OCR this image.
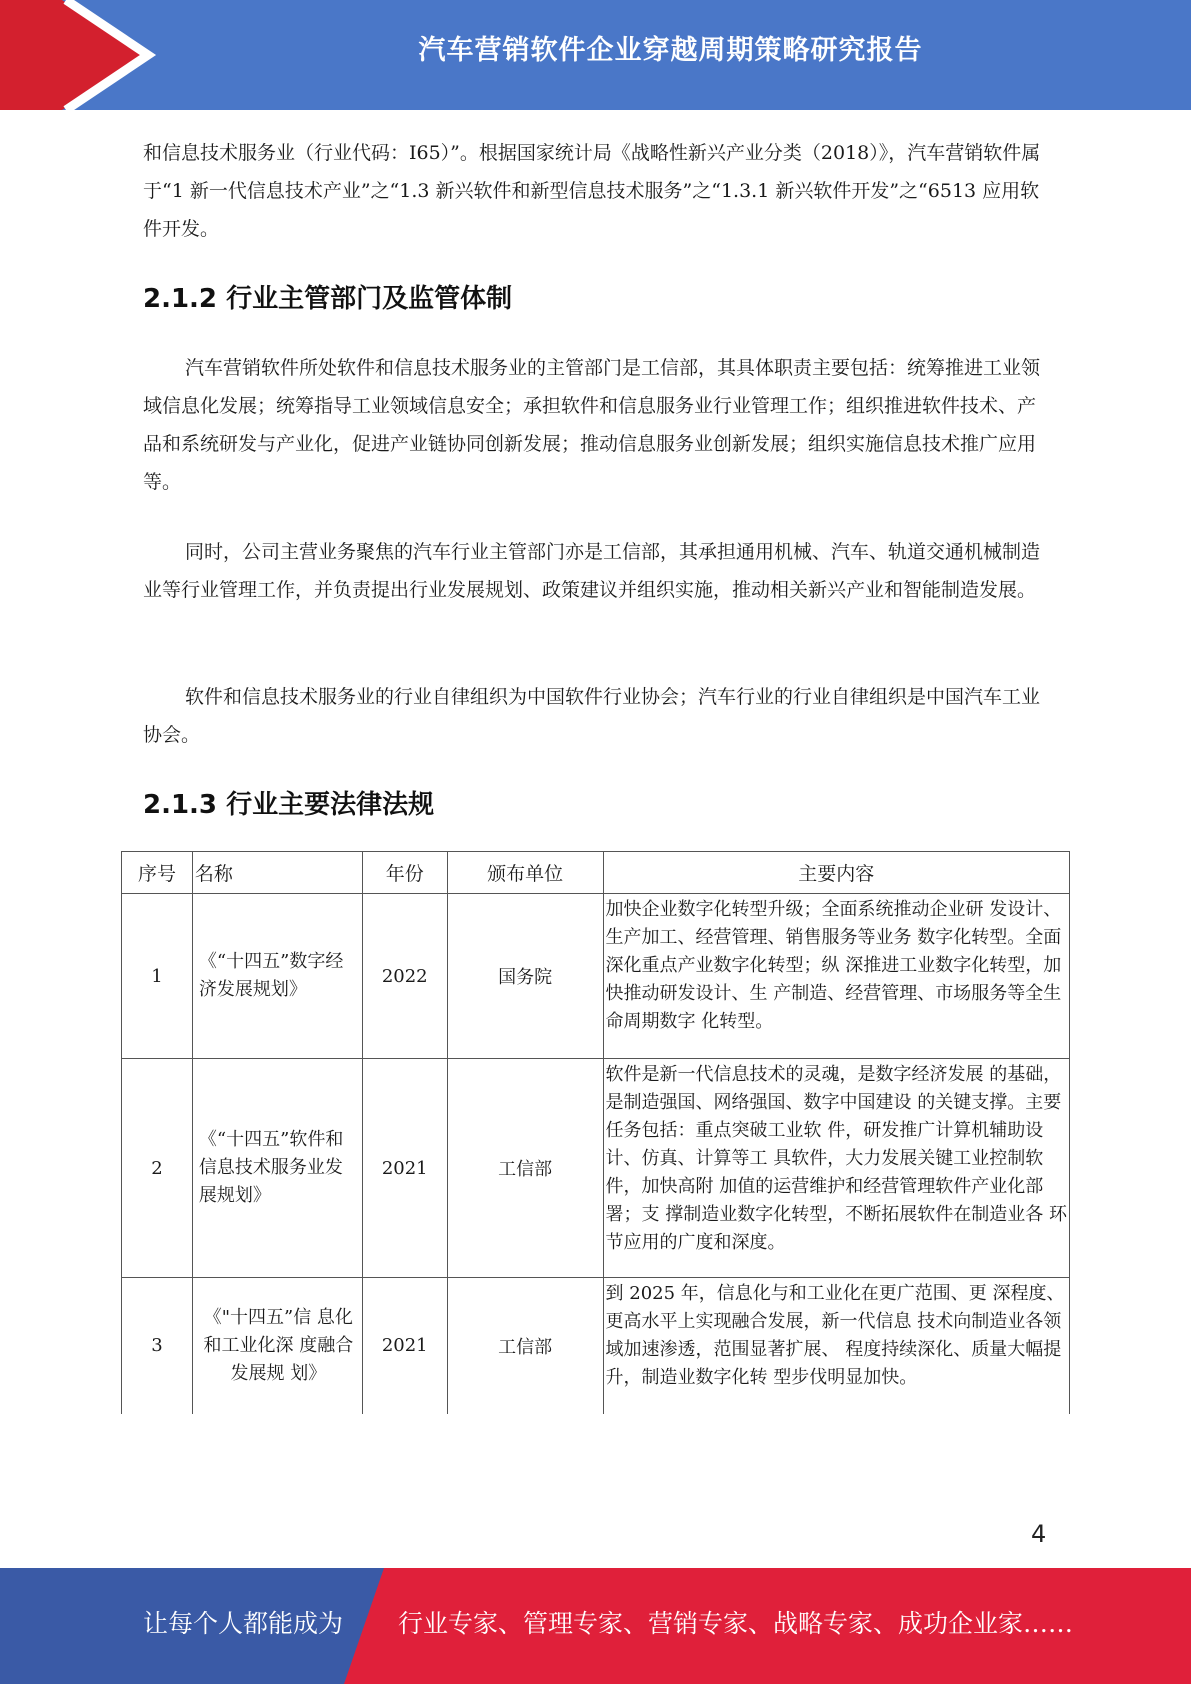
汽车营销软件企业穿越周期策略研究报告

和信息技术服务业（行业代码：I65）”。根据国家统计局《战略性新兴产业分类（2018）》，汽车营销软件属于“1 新一代信息技术产业”之“1.3 新兴软件和新型信息技术服务”之“1.3.1 新兴软件开发”之“6513 应用软件开发。

2.1.2 行业主管部门及监管体制

汽车营销软件所处软件和信息技术服务业的主管部门是工信部，其具体职责主要包括：统筹推进工业领域信息化发展；统筹指导工业领域信息安全；承担软件和信息服务业行业管理工作；组织推进软件技术、产品和系统研发与产业化，促进产业链协同创新发展；推动信息服务业创新发展；组织实施信息技术推广应用等。

同时，公司主营业务聚焦的汽车行业主管部门亦是工信部，其承担通用机械、汽车、轨道交通机械制造业等行业管理工作，并负责提出行业发展规划、政策建议并组织实施，推动相关新兴产业和智能制造发展。

软件和信息技术服务业的行业自律组织为中国软件行业协会；汽车行业的行业自律组织是中国汽车工业协会。

2.1.3 行业主要法律法规
序号	名称	年份	颁布单位	主要内容
1	《“十四五”数字经济发展规划》	2022	国务院	加快企业数字化转型升级；全面系统推动企业研 发设计、生产加工、经营管理、销售服务等业务 数字化转型。全面深化重点产业数字化转型；纵 深推进工业数字化转型，加快推动研发设计、生 产制造、经营管理、市场服务等全生命周期数字 化转型。
2	《“十四五”软件和信息技术服务业发展规划》	2021	工信部	软件是新一代信息技术的灵魂，是数字经济发展 的基础，是制造强国、网络强国、数字中国建设 的关键支撑。主要任务包括：重点突破工业软 件，研发推广计算机辅助设计、仿真、计算等工 具软件，大力发展关键工业控制软件，加快高附 加值的运营维护和经营管理软件产业化部署；支 撑制造业数字化转型，不断拓展软件在制造业各 环节应用的广度和深度。
3	《"十四五”信 息化和工业化深 度融合发展规 划》	2021	工信部	到 2025 年，信息化与和工业化在更广范围、更 深程度、更高水平上实现融合发展，新一代信息 技术向制造业各领域加速渗透，范围显著扩展、 程度持续深化、质量大幅提升，制造业数字化转 型步伐明显加快。
4
让每个人都能成为 行业专家、管理专家、营销专家、战略专家、成功企业家……
